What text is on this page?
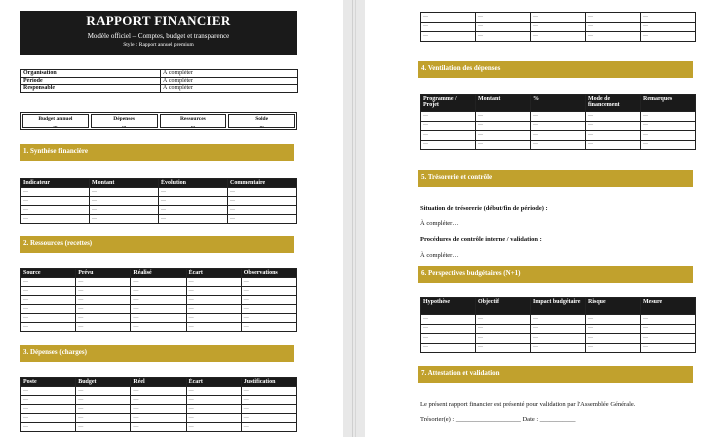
RAPPORT FINANCIER
Modèle officiel – Comptes, budget et transparence
Style : Rapport annuel premium
Organisation	À compléter
Période	À compléter
Responsable	À compléter
Budget annuel
...
Dépenses
...
Ressources
...
Solde
...
1. Synthèse financière
Indicateur	Montant	Évolution	Commentaire
—	—	—	—
—	—	—	—
—	—	—	—
—	—	—	—
2. Ressources (recettes)
Source	Prévu	Réalisé	Écart	Observations
—	—	—	—	—
—	—	—	—	—
—	—	—	—	—
—	—	—	—	—
—	—	—	—	—
—	—	—	—	—
3. Dépenses (charges)
Poste	Budget	Réel	Écart	Justification
—	—	—	—	—
—	—	—	—	—
—	—	—	—	—
—	—	—	—	—
—	—	—	—	—
—	—	—	—	—
—	—	—	—	—
—	—	—	—	—
4. Ventilation des dépenses
Programme / Projet	Montant	%	Mode de financement	Remarques
—	—	—	—	—
—	—	—	—	—
—	—	—	—	—
—	—	—	—	—
5. Trésorerie et contrôle
Situation de trésorerie (début/fin de période) :
À compléter…
Procédures de contrôle interne / validation :
À compléter…
6. Perspectives budgétaires (N+1)
Hypothèse	Objectif	Impact budgétaire	Risque	Mesure
—	—	—	—	—
—	—	—	—	—
—	—	—	—	—
—	—	—	—	—
7. Attestation et validation
Le présent rapport financier est présenté pour validation par l'Assemblée Générale.
Trésorier(e) : ____________________ Date : ___________
